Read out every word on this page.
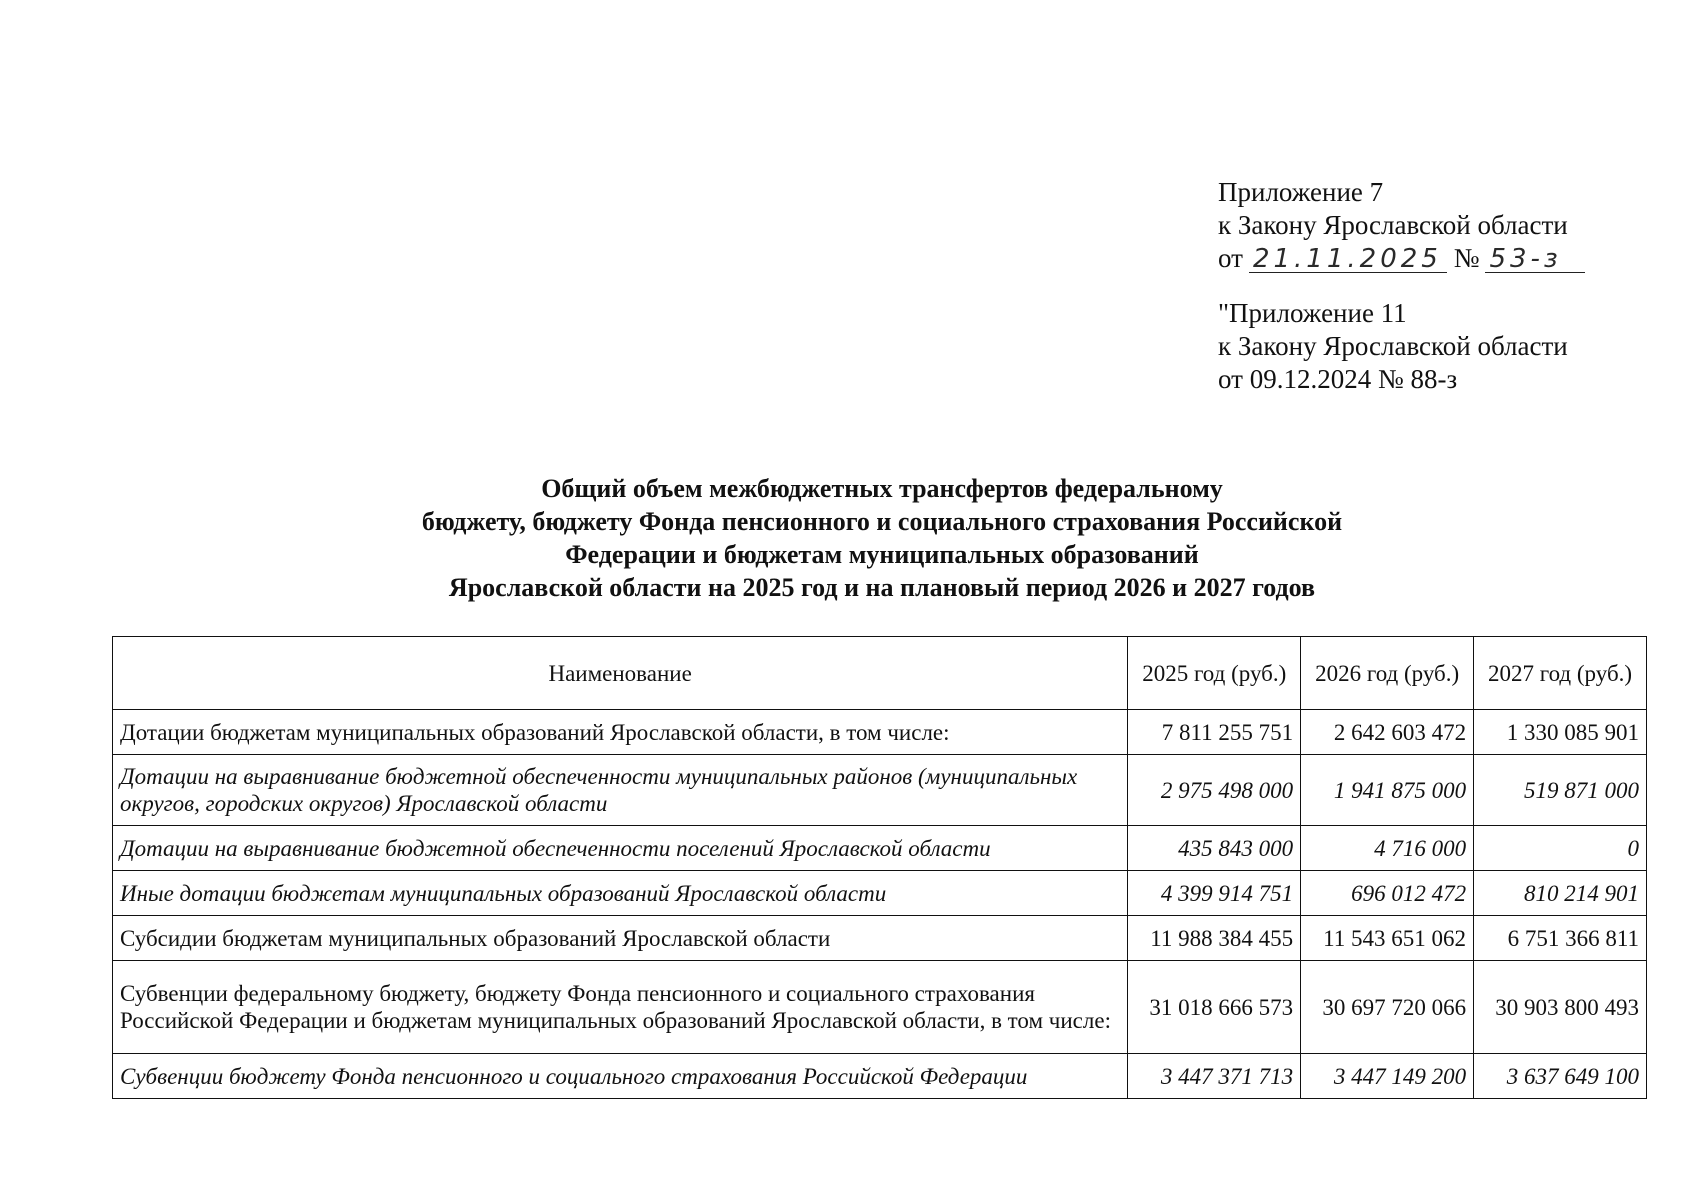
Приложение 7
к Закону Ярославской области
от 21.11.2025 № 53-з
"Приложение 11
к Закону Ярославской области
от 09.12.2024 № 88-з
Общий объем межбюджетных трансфертов федеральному
бюджету, бюджету Фонда пенсионного и социального страхования Российской
Федерации и бюджетам муниципальных образований
Ярославской области на 2025 год и на плановый период 2026 и 2027 годов
Наименование	2025 год (руб.)	2026 год (руб.)	2027 год (руб.)
Дотации бюджетам муниципальных образований Ярославской области, в том числе:	7 811 255 751	2 642 603 472	1 330 085 901
Дотации на выравнивание бюджетной обеспеченности муниципальных районов (муниципальных округов, городских округов) Ярославской области	2 975 498 000	1 941 875 000	519 871 000
Дотации на выравнивание бюджетной обеспеченности поселений Ярославской области	435 843 000	4 716 000	0
Иные дотации бюджетам муниципальных образований Ярославской области	4 399 914 751	696 012 472	810 214 901
Субсидии бюджетам муниципальных образований Ярославской области	11 988 384 455	11 543 651 062	6 751 366 811
Субвенции федеральному бюджету, бюджету Фонда пенсионного и социального страхования Российской Федерации и бюджетам муниципальных образований Ярославской области, в том числе:	31 018 666 573	30 697 720 066	30 903 800 493
Субвенции бюджету Фонда пенсионного и социального страхования Российской Федерации	3 447 371 713	3 447 149 200	3 637 649 100
